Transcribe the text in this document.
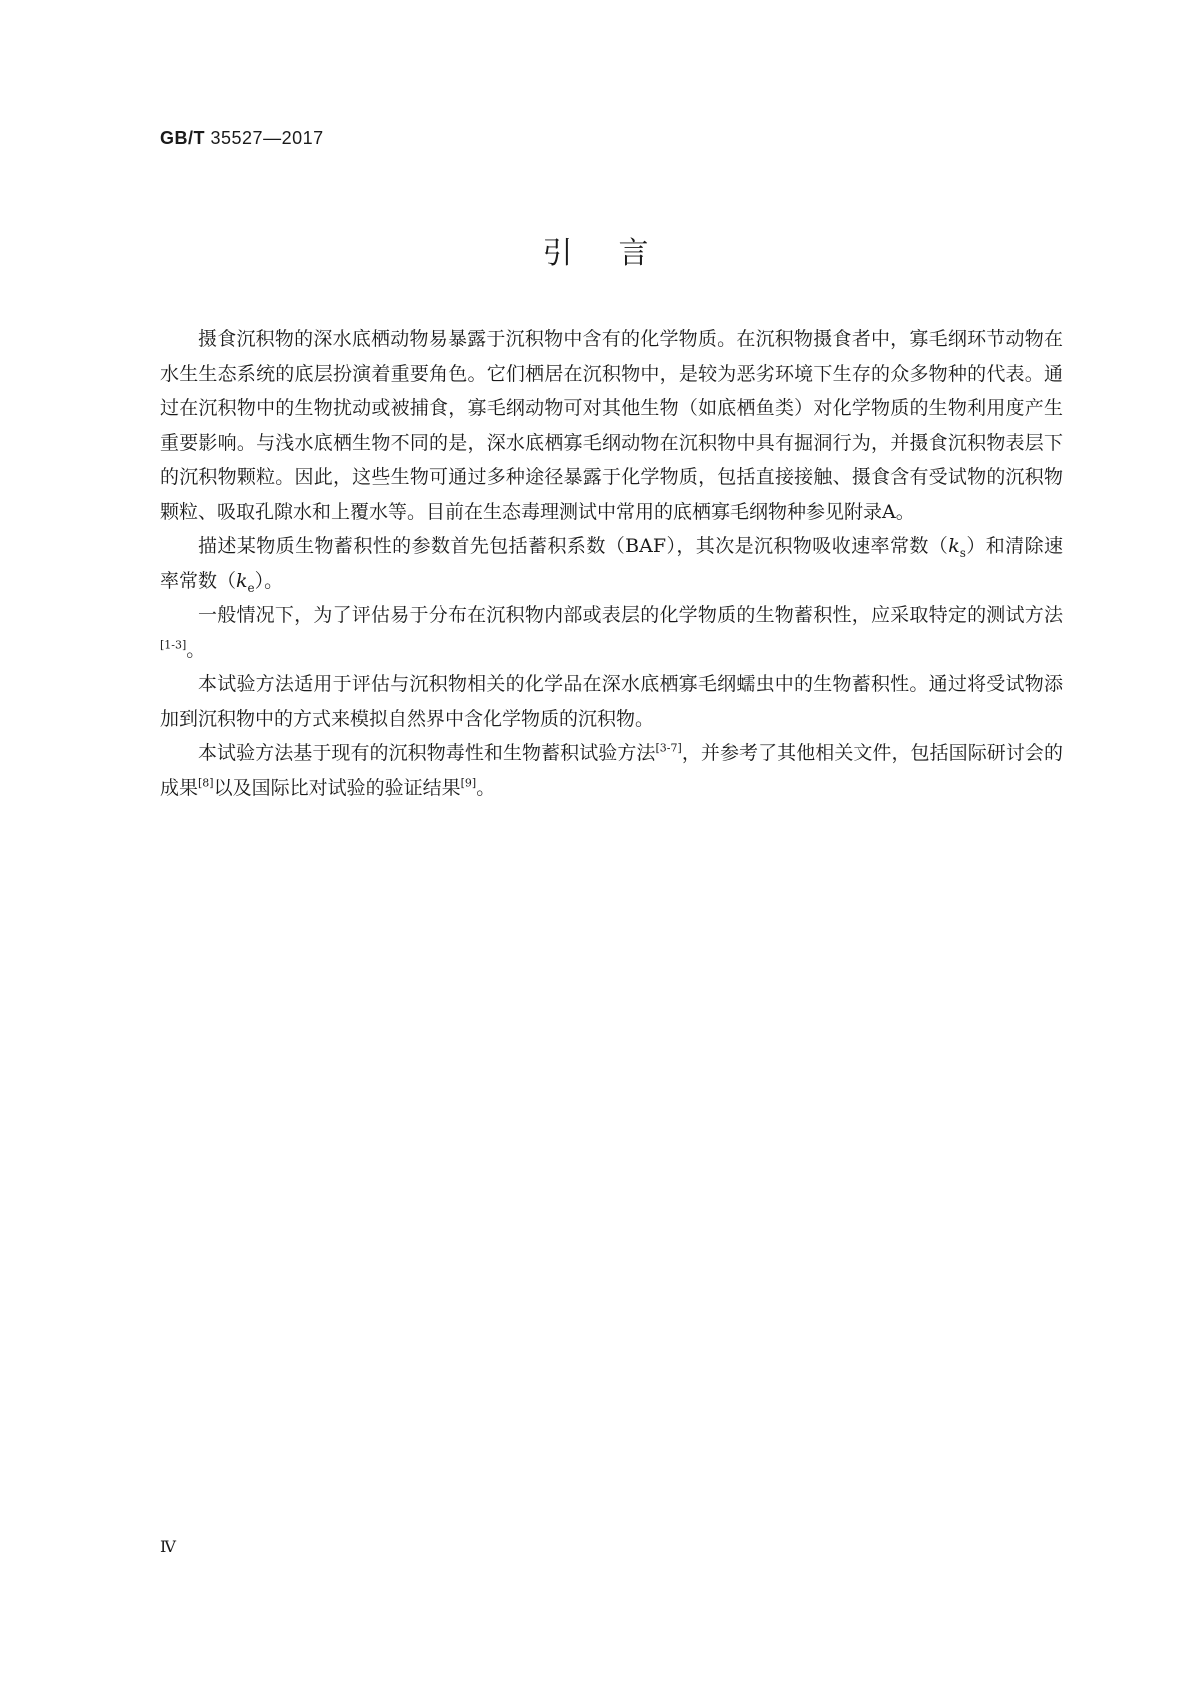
GB/T 35527—2017
引言

摄食沉积物的深水底栖动物易暴露于沉积物中含有的化学物质。在沉积物摄食者中，寡毛纲环节动物在水生生态系统的底层扮演着重要角色。它们栖居在沉积物中，是较为恶劣环境下生存的众多物种的代表。通过在沉积物中的生物扰动或被捕食，寡毛纲动物可对其他生物（如底栖鱼类）对化学物质的生物利用度产生重要影响。与浅水底栖生物不同的是，深水底栖寡毛纲动物在沉积物中具有掘洞行为，并摄食沉积物表层下的沉积物颗粒。因此，这些生物可通过多种途径暴露于化学物质，包括直接接触、摄食含有受试物的沉积物颗粒、吸取孔隙水和上覆水等。目前在生态毒理测试中常用的底栖寡毛纲物种参见附录A。

描述某物质生物蓄积性的参数首先包括蓄积系数（BAF），其次是沉积物吸收速率常数$(k_s)$和清除速率常数$(k_e)$。

一般情况下，为了评估易于分布在沉积物内部或表层的化学物质的生物蓄积性，应采取特定的测试方法[1-3]。

本试验方法适用于评估与沉积物相关的化学品在深水底栖寡毛纲蠕虫中的生物蓄积性。通过将受试物添加到沉积物中的方式来模拟自然界中含化学物质的沉积物。

本试验方法基于现有的沉积物毒性和生物蓄积试验方法[3-7]，并参考了其他相关文件，包括国际研讨会的成果[8]以及国际比对试验的验证结果[9]。

Ⅳ
